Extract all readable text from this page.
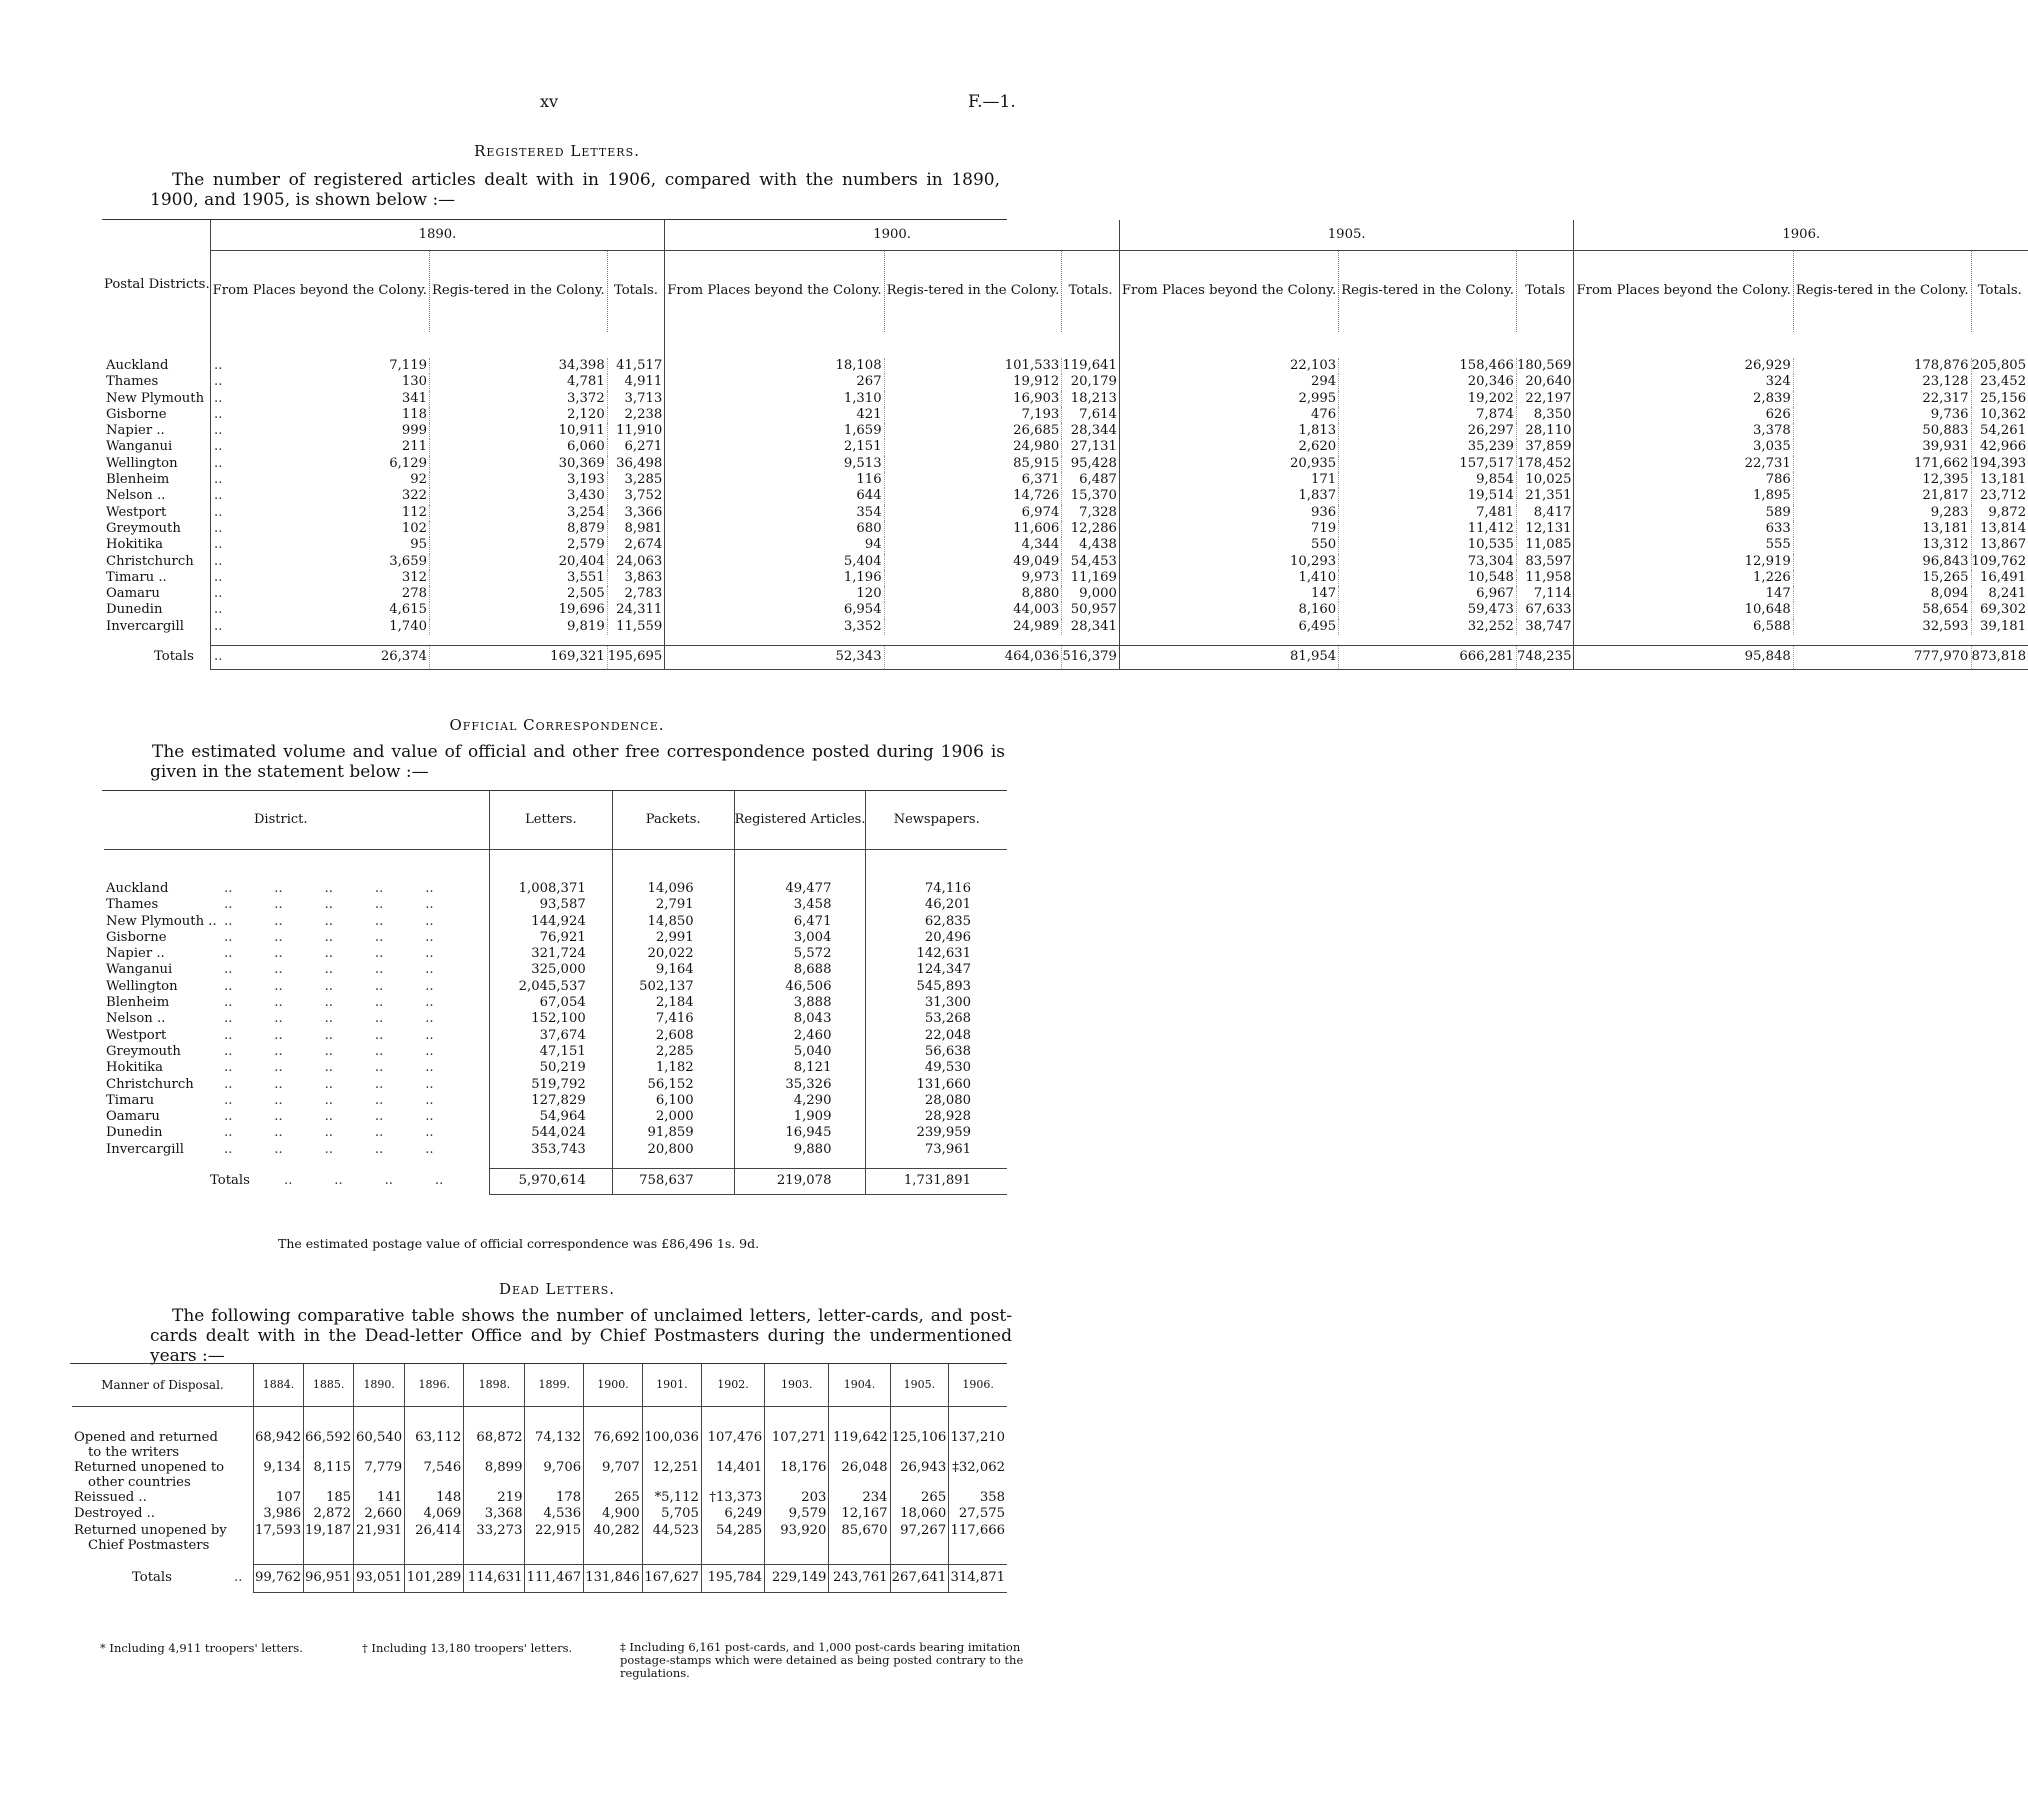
xv	F.—1.
Registered Letters.
The number of registered articles dealt with in 1906, compared with the numbers in 1890, 1900, and 1905, is shown below :—
Postal Districts.	1890.			1900.			1905.			1906.		
	From Places beyond the Colony.	Regis-tered in the Colony.	Totals.	From Places beyond the Colony.	Regis-tered in the Colony.	Totals.	From Places beyond the Colony.	Regis-tered in the Colony.	Totals	From Places beyond the Colony.	Regis-tered in the Colony.	Totals.

Auckland ..	7,119	34,398	41,517	18,108	101,533	119,641	22,103	158,466	180,569	26,929	178,876	205,805
Thames ..	130	4,781	4,911	267	19,912	20,179	294	20,346	20,640	324	23,128	23,452
New Plymouth ..	341	3,372	3,713	1,310	16,903	18,213	2,995	19,202	22,197	2,839	22,317	25,156
Gisborne ..	118	2,120	2,238	421	7,193	7,614	476	7,874	8,350	626	9,736	10,362
Napier .. ..	999	10,911	11,910	1,659	26,685	28,344	1,813	26,297	28,110	3,378	50,883	54,261
Wanganui ..	211	6,060	6,271	2,151	24,980	27,131	2,620	35,239	37,859	3,035	39,931	42,966
Wellington ..	6,129	30,369	36,498	9,513	85,915	95,428	20,935	157,517	178,452	22,731	171,662	194,393
Blenheim ..	92	3,193	3,285	116	6,371	6,487	171	9,854	10,025	786	12,395	13,181
Nelson .. ..	322	3,430	3,752	644	14,726	15,370	1,837	19,514	21,351	1,895	21,817	23,712
Westport ..	112	3,254	3,366	354	6,974	7,328	936	7,481	8,417	589	9,283	9,872
Greymouth ..	102	8,879	8,981	680	11,606	12,286	719	11,412	12,131	633	13,181	13,814
Hokitika ..	95	2,579	2,674	94	4,344	4,438	550	10,535	11,085	555	13,312	13,867
Christchurch ..	3,659	20,404	24,063	5,404	49,049	54,453	10,293	73,304	83,597	12,919	96,843	109,762
Timaru .. ..	312	3,551	3,863	1,196	9,973	11,169	1,410	10,548	11,958	1,226	15,265	16,491
Oamaru ..	278	2,505	2,783	120	8,880	9,000	147	6,967	7,114	147	8,094	8,241
Dunedin ..	4,615	19,696	24,311	6,954	44,003	50,957	8,160	59,473	67,633	10,648	58,654	69,302
Invercargill ..	1,740	9,819	11,559	3,352	24,989	28,341	6,495	32,252	38,747	6,588	32,593	39,181

Totals ..	26,374	169,321	195,695	52,343	464,036	516,379	81,954	666,281	748,235	95,848	777,970	873,818
Official Correspondence.
The estimated volume and value of official and other free correspondence posted during 1906 is given in the statement below :—
District.	Letters.	Packets.	Registered Articles.	Newspapers.

Auckland ..          ..          ..          ..          ..	1,008,371	14,096	49,477	74,116
Thames ..          ..          ..          ..          ..	93,587	2,791	3,458	46,201
New Plymouth .. ..          ..          ..          ..          ..	144,924	14,850	6,471	62,835
Gisborne ..          ..          ..          ..          ..	76,921	2,991	3,004	20,496
Napier .. ..          ..          ..          ..          ..	321,724	20,022	5,572	142,631
Wanganui ..          ..          ..          ..          ..	325,000	9,164	8,688	124,347
Wellington ..          ..          ..          ..          ..	2,045,537	502,137	46,506	545,893
Blenheim ..          ..          ..          ..          ..	67,054	2,184	3,888	31,300
Nelson .. ..          ..          ..          ..          ..	152,100	7,416	8,043	53,268
Westport ..          ..          ..          ..          ..	37,674	2,608	2,460	22,048
Greymouth ..          ..          ..          ..          ..	47,151	2,285	5,040	56,638
Hokitika ..          ..          ..          ..          ..	50,219	1,182	8,121	49,530
Christchurch ..          ..          ..          ..          ..	519,792	56,152	35,326	131,660
Timaru ..          ..          ..          ..          ..	127,829	6,100	4,290	28,080
Oamaru ..          ..          ..          ..          ..	54,964	2,000	1,909	28,928
Dunedin ..          ..          ..          ..          ..	544,024	91,859	16,945	239,959
Invercargill ..          ..          ..          ..          ..	353,743	20,800	9,880	73,961

Totals ..          ..          ..          ..	5,970,614	758,637	219,078	1,731,891
The estimated postage value of official correspondence was £86,496 1s. 9d.
Dead Letters.
The following comparative table shows the number of unclaimed letters, letter-cards, and post-cards dealt with in the Dead-letter Office and by Chief Postmasters during the undermentioned years :—
Manner of Disposal.	1884.	1885.	1890.	1896.	1898.	1899.	1900.	1901.	1902.	1903.	1904.	1905.	1906.

Opened and returned
to the writers	68,942	66,592	60,540	63,112	68,872	74,132	76,692	100,036	107,476	107,271	119,642	125,106	137,210

Returned unopened to
other countries	9,134	8,115	7,779	7,546	8,899	9,706	9,707	12,251	14,401	18,176	26,048	26,943	‡32,062

Reissued ..	107	185	141	148	219	178	265	*5,112	†13,373	203	234	265	358

Destroyed ..	3,986	2,872	2,660	4,069	3,368	4,536	4,900	5,705	6,249	9,579	12,167	18,060	27,575

Returned unopened by
Chief Postmasters	17,593	19,187	21,931	26,414	33,273	22,915	40,282	44,523	54,285	93,920	85,670	97,267	117,666

Totals ..	99,762	96,951	93,051	101,289	114,631	111,467	131,846	167,627	195,784	229,149	243,761	267,641	314,871
* Including 4,911 troopers' letters.	† Including 13,180 troopers' letters.	‡ Including 6,161 post-cards, and 1,000 post-cards bearing imitation postage-stamps which were detained as being posted contrary to the regulations.
